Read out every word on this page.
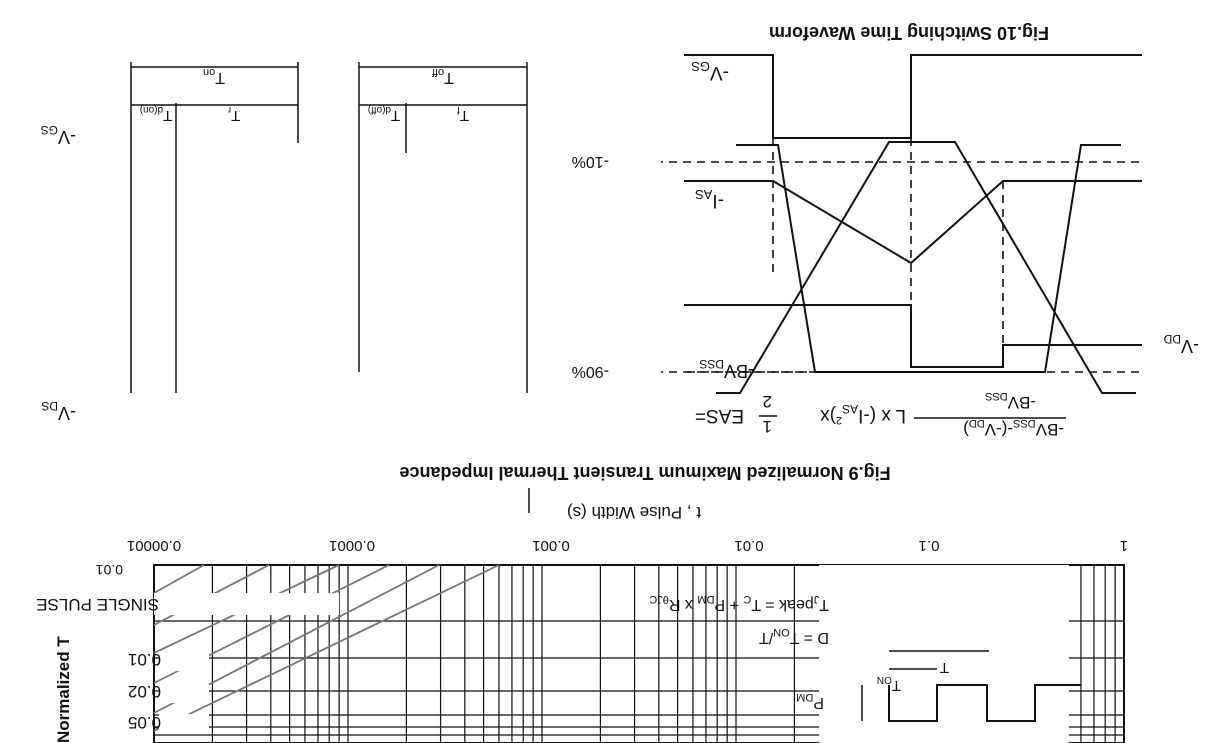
Fig.10 Switching Time Waveform
$T_{on}$	$T_{off}$
$T_{d(on)}$	$T_r$	$T_{d(off)}$	$T_f$
$-V_{GS}$
$-V_{DS}$
-10%
-90%
$-V_{GS}$
$-I_{AS}$
$-BV_{DSS}$
$-V_{DD}$
EAS=
1
2
L x ($-I_{AS}$ $^2$)x
$-BV_{DSS}-(-V_{DD})$
$-BV_{DSS}$
Fig.9 Normalized Maximum Transient Thermal Impedance
t , Pulse Width (s)
0.00001	0.0001	0.001	0.01	0.1	1
0.01
SINGLE PULSE
0.01
0.02
0.05
Normalized T
$T_Jpeak = T_C + P_{DM}$ x $R_{\theta JC}$
$D = T_{ON}/T$
T
$T_{ON}$
$P_{DM}$
